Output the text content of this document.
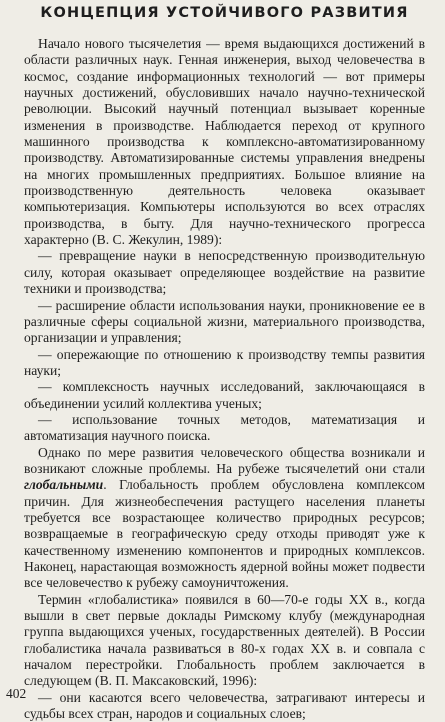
КОНЦЕПЦИЯ УСТОЙЧИВОГО РАЗВИТИЯ

Начало нового тысячелетия — время выдающихся достижений в области различных наук. Генная инженерия, выход человечества в космос, создание информационных технологий — вот примеры научных достижений, обусловивших начало научно-технической революции. Высокий научный потенциал вызывает коренные изменения в производстве. Наблюдается переход от крупного машинного производства к комплексно-автоматизированному производству. Автоматизированные системы управления внедрены на многих промышленных предприятиях. Большое влияние на производственную деятельность человека оказывает компьютеризация. Компьютеры используются во всех отраслях производства, в быту. Для научно-технического прогресса характерно (В. С. Жекулин, 1989):

— превращение науки в непосредственную производительную силу, которая оказывает определяющее воздействие на развитие техники и производства;

— расширение области использования науки, проникновение ее в различные сферы социальной жизни, материального производства, организации и управления;

— опережающие по отношению к производству темпы развития науки;

— комплексность научных исследований, заключающаяся в объединении усилий коллектива ученых;

— использование точных методов, математизация и автоматизация научного поиска.

Однако по мере развития человеческого общества возникали и возникают сложные проблемы. На рубеже тысячелетий они стали глобальными. Глобальность проблем обусловлена комплексом причин. Для жизнеобеспечения растущего населения планеты требуется все возрастающее количество природных ресурсов; возвращаемые в географическую среду отходы приводят уже к качественному изменению компонентов и природных комплексов. Наконец, нарастающая возможность ядерной войны может подвести все человечество к рубежу самоуничтожения.

Термин «глобалистика» появился в 60—70-е годы XX в., когда вышли в свет первые доклады Римскому клубу (международная группа выдающихся ученых, государственных деятелей). В России глобалистика начала развиваться в 80-х годах XX в. и совпала с началом перестройки. Глобальность проблем заключается в следующем (В. П. Максаковский, 1996):

— они касаются всего человечества, затрагивают интересы и судьбы всех стран, народов и социальных слоев;

402
